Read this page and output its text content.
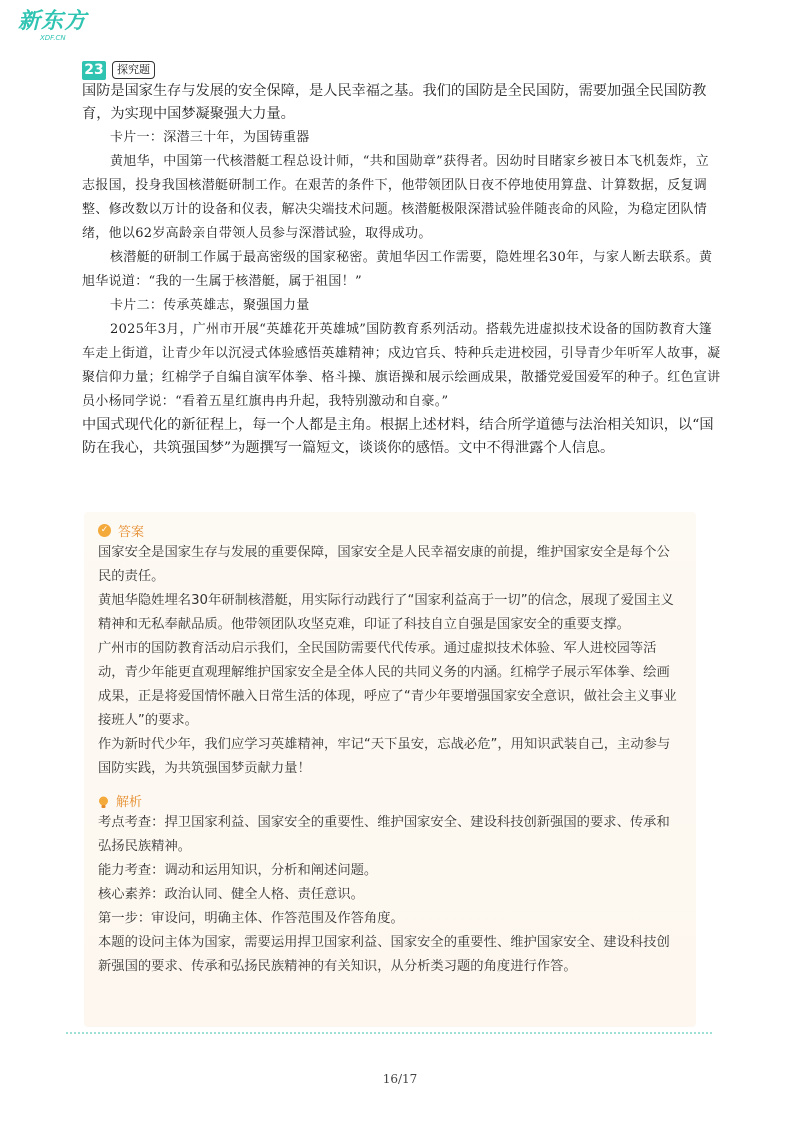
新东方
XDF.CN
23	探究题

国防是国家生存与发展的安全保障，是人民幸福之基。我们的国防是全民国防，需要加强全民国防教育，为实现中国梦凝聚强大力量。

卡片一：深潜三十年，为国铸重器

黄旭华，中国第一代核潜艇工程总设计师，“共和国勋章”获得者。因幼时目睹家乡被日本飞机轰炸，立志报国，投身我国核潜艇研制工作。在艰苦的条件下，他带领团队日夜不停地使用算盘、计算数据，反复调整、修改数以万计的设备和仪表，解决尖端技术问题。核潜艇极限深潜试验伴随丧命的风险，为稳定团队情绪，他以62岁高龄亲自带领人员参与深潜试验，取得成功。

核潜艇的研制工作属于最高密级的国家秘密。黄旭华因工作需要，隐姓埋名30年，与家人断去联系。黄旭华说道：“我的一生属于核潜艇，属于祖国！”

卡片二：传承英雄志，聚强国力量

2025年3月，广州市开展“英雄花开英雄城”国防教育系列活动。搭载先进虚拟技术设备的国防教育大篷车走上街道，让青少年以沉浸式体验感悟英雄精神；戍边官兵、特种兵走进校园，引导青少年听军人故事，凝聚信仰力量；红棉学子自编自演军体拳、格斗操、旗语操和展示绘画成果，散播党爱国爱军的种子。红色宣讲员小杨同学说：“看着五星红旗冉冉升起，我特别激动和自豪。”

中国式现代化的新征程上，每一个人都是主角。根据上述材料，结合所学道德与法治相关知识，以“国防在我心，共筑强国梦”为题撰写一篇短文，谈谈你的感悟。文中不得泄露个人信息。

✓ 答案

国家安全是国家生存与发展的重要保障，国家安全是人民幸福安康的前提，维护国家安全是每个公民的责任。

黄旭华隐姓埋名30年研制核潜艇，用实际行动践行了“国家利益高于一切”的信念，展现了爱国主义精神和无私奉献品质。他带领团队攻坚克难，印证了科技自立自强是国家安全的重要支撑。

广州市的国防教育活动启示我们，全民国防需要代代传承。通过虚拟技术体验、军人进校园等活动，青少年能更直观理解维护国家安全是全体人民的共同义务的内涵。红棉学子展示军体拳、绘画成果，正是将爱国情怀融入日常生活的体现，呼应了“青少年要增强国家安全意识，做社会主义事业接班人”的要求。

作为新时代少年，我们应学习英雄精神，牢记“天下虽安，忘战必危”，用知识武装自己，主动参与国防实践，为共筑强国梦贡献力量！

解析

考点考查：捍卫国家利益、国家安全的重要性、维护国家安全、建设科技创新强国的要求、传承和弘扬民族精神。

能力考查：调动和运用知识，分析和阐述问题。

核心素养：政治认同、健全人格、责任意识。

第一步：审设问，明确主体、作答范围及作答角度。

本题的设问主体为国家，需要运用捍卫国家利益、国家安全的重要性、维护国家安全、建设科技创新强国的要求、传承和弘扬民族精神的有关知识，从分析类习题的角度进行作答。

16/17
